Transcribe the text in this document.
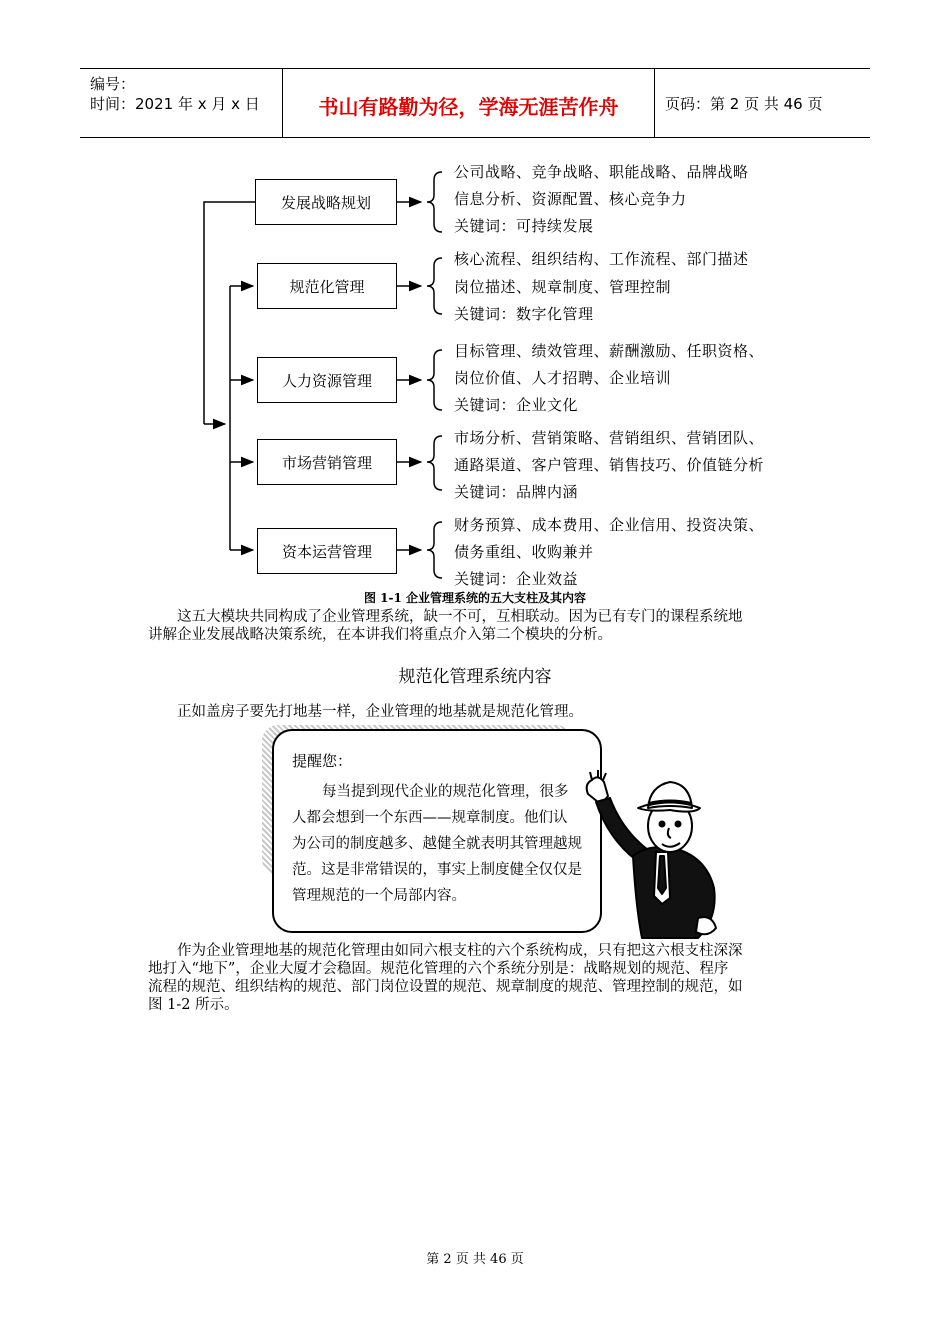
编号：
时间：2021 年 x 月 x 日	书山有路勤为径，学海无涯苦作舟	页码：第 2 页 共 46 页
发展战略规划
规范化管理
人力资源管理
市场营销管理
资本运营管理
公司战略、竞争战略、职能战略、品牌战略
信息分析、资源配置、核心竞争力
关键词：可持续发展
核心流程、组织结构、工作流程、部门描述
岗位描述、规章制度、管理控制
关键词：数字化管理
目标管理、绩效管理、薪酬激励、任职资格、
岗位价值、人才招聘、企业培训
关键词：企业文化
市场分析、营销策略、营销组织、营销团队、
通路渠道、客户管理、销售技巧、价值链分析
关键词：品牌内涵
财务预算、成本费用、企业信用、投资决策、
债务重组、收购兼并
关键词：企业效益
图 1-1 企业管理系统的五大支柱及其内容
这五大模块共同构成了企业管理系统，缺一不可，互相联动。因为已有专门的课程系统地
讲解企业发展战略决策系统，在本讲我们将重点介入第二个模块的分析。
规范化管理系统内容
正如盖房子要先打地基一样，企业管理的地基就是规范化管理。
提醒您：
每当提到现代企业的规范化管理，很多
人都会想到一个东西——规章制度。他们认
为公司的制度越多、越健全就表明其管理越规
范。这是非常错误的，事实上制度健全仅仅是
管理规范的一个局部内容。
作为企业管理地基的规范化管理由如同六根支柱的六个系统构成，只有把这六根支柱深深
地打入“地下”，企业大厦才会稳固。规范化管理的六个系统分别是：战略规划的规范、程序
流程的规范、组织结构的规范、部门岗位设置的规范、规章制度的规范、管理控制的规范，如
图 1-2 所示。
第 2 页 共 46 页
